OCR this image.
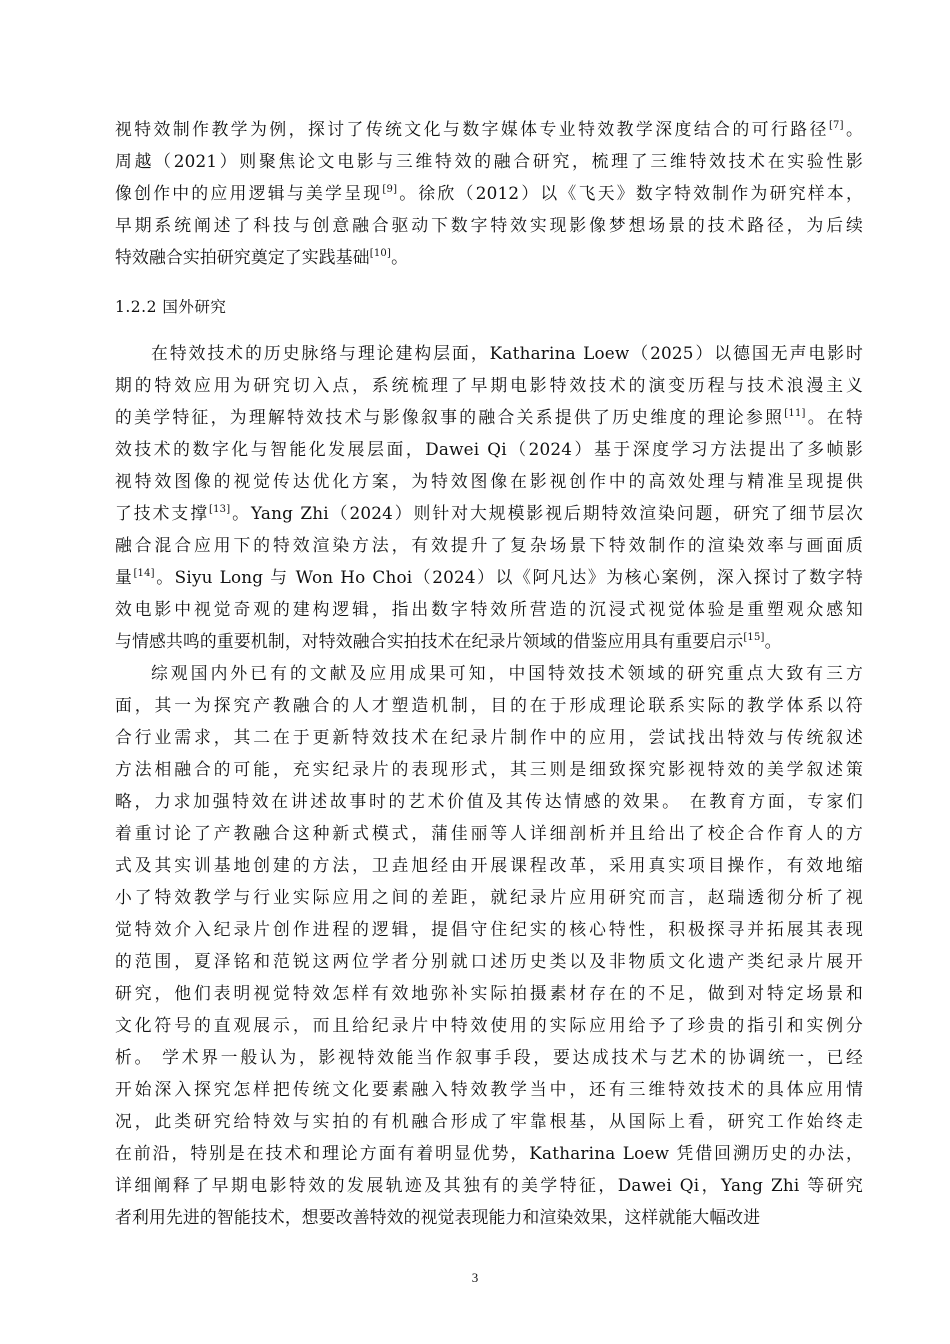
视特效制作教学为例，探讨了传统文化与数字媒体专业特效教学深度结合的可行路径[7]。
周越（2021）则聚焦论文电影与三维特效的融合研究，梳理了三维特效技术在实验性影
像创作中的应用逻辑与美学呈现[9]。徐欣（2012）以《飞天》数字特效制作为研究样本，
早期系统阐述了科技与创意融合驱动下数字特效实现影像梦想场景的技术路径，为后续
特效融合实拍研究奠定了实践基础[10]。
1.2.2 国外研究
在特效技术的历史脉络与理论建构层面，Katharina Loew（2025）以德国无声电影时
期的特效应用为研究切入点，系统梳理了早期电影特效技术的演变历程与技术浪漫主义
的美学特征，为理解特效技术与影像叙事的融合关系提供了历史维度的理论参照[11]。在特
效技术的数字化与智能化发展层面，Dawei Qi（2024）基于深度学习方法提出了多帧影
视特效图像的视觉传达优化方案，为特效图像在影视创作中的高效处理与精准呈现提供
了技术支撑[13]。Yang Zhi（2024）则针对大规模影视后期特效渲染问题，研究了细节层次
融合混合应用下的特效渲染方法，有效提升了复杂场景下特效制作的渲染效率与画面质
量[14]。Siyu Long 与 Won Ho Choi（2024）以《阿凡达》为核心案例，深入探讨了数字特
效电影中视觉奇观的建构逻辑，指出数字特效所营造的沉浸式视觉体验是重塑观众感知
与情感共鸣的重要机制，对特效融合实拍技术在纪录片领域的借鉴应用具有重要启示[15]。
综观国内外已有的文献及应用成果可知，中国特效技术领域的研究重点大致有三方
面，其一为探究产教融合的人才塑造机制，目的在于形成理论联系实际的教学体系以符
合行业需求，其二在于更新特效技术在纪录片制作中的应用，尝试找出特效与传统叙述
方法相融合的可能，充实纪录片的表现形式，其三则是细致探究影视特效的美学叙述策
略，力求加强特效在讲述故事时的艺术价值及其传达情感的效果。 在教育方面，专家们
着重讨论了产教融合这种新式模式，蒲佳丽等人详细剖析并且给出了校企合作育人的方
式及其实训基地创建的方法，卫垚旭经由开展课程改革，采用真实项目操作，有效地缩
小了特效教学与行业实际应用之间的差距，就纪录片应用研究而言，赵瑞透彻分析了视
觉特效介入纪录片创作进程的逻辑，提倡守住纪实的核心特性，积极探寻并拓展其表现
的范围，夏泽铭和范锐这两位学者分别就口述历史类以及非物质文化遗产类纪录片展开
研究，他们表明视觉特效怎样有效地弥补实际拍摄素材存在的不足，做到对特定场景和
文化符号的直观展示，而且给纪录片中特效使用的实际应用给予了珍贵的指引和实例分
析。 学术界一般认为，影视特效能当作叙事手段，要达成技术与艺术的协调统一，已经
开始深入探究怎样把传统文化要素融入特效教学当中，还有三维特效技术的具体应用情
况，此类研究给特效与实拍的有机融合形成了牢靠根基，从国际上看，研究工作始终走
在前沿，特别是在技术和理论方面有着明显优势，Katharina Loew 凭借回溯历史的办法，
详细阐释了早期电影特效的发展轨迹及其独有的美学特征，Dawei Qi，Yang Zhi 等研究
者利用先进的智能技术，想要改善特效的视觉表现能力和渲染效果，这样就能大幅改进
3
